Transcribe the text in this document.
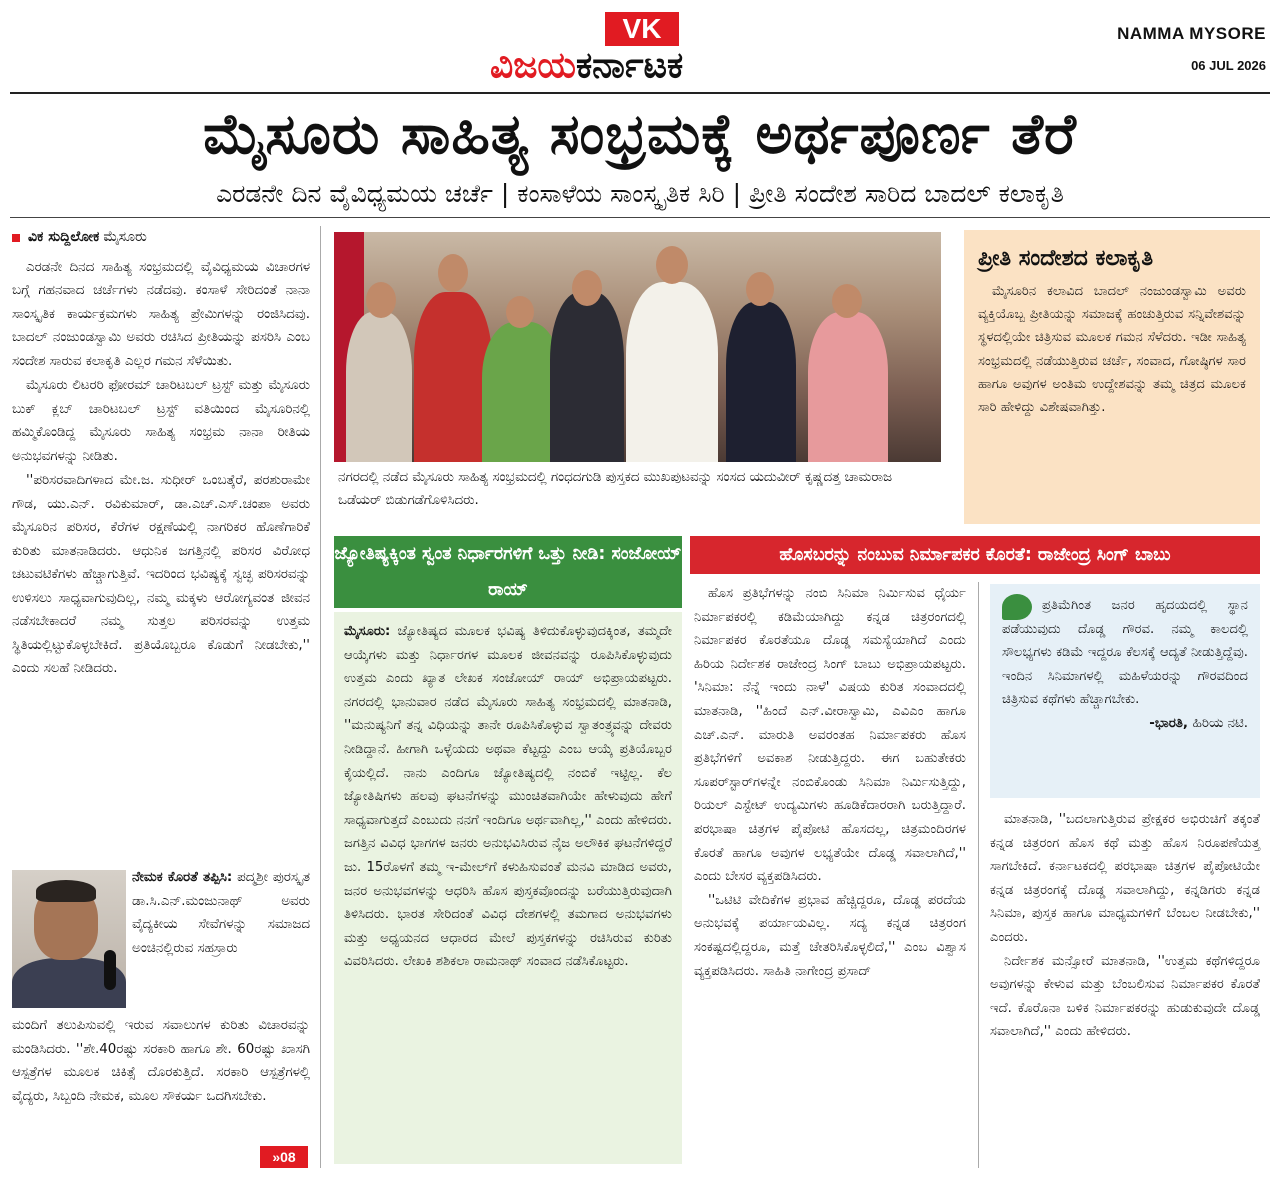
VK
ವಿಜಯಕರ್ನಾಟಕ
NAMMA MYSORE
06 JUL 2026
ಮೈಸೂರು ಸಾಹಿತ್ಯ ಸಂಭ್ರಮಕ್ಕೆ ಅರ್ಥಪೂರ್ಣ ತೆರೆ
ಎರಡನೇ ದಿನ ವೈವಿಧ್ಯಮಯ ಚರ್ಚೆ | ಕಂಸಾಳೆಯ ಸಾಂಸ್ಕೃತಿಕ ಸಿರಿ | ಪ್ರೀತಿ ಸಂದೇಶ ಸಾರಿದ ಬಾದಲ್ ಕಲಾಕೃತಿ
ವಿಕ ಸುದ್ದಿಲೋಕ ಮೈಸೂರು

ಎರಡನೇ ದಿನದ ಸಾಹಿತ್ಯ ಸಂಭ್ರಮದಲ್ಲಿ ವೈವಿಧ್ಯಮಯ ವಿಚಾರಗಳ ಬಗ್ಗೆ ಗಹನವಾದ ಚರ್ಚೆಗಳು ನಡೆದವು. ಕಂಸಾಳೆ ಸೇರಿದಂತೆ ನಾನಾ ಸಾಂಸ್ಕೃತಿಕ ಕಾರ್ಯಕ್ರಮಗಳು ಸಾಹಿತ್ಯ ಪ್ರೇಮಿಗಳನ್ನು ರಂಜಿಸಿದವು. ಬಾದಲ್ ನಂಜುಂಡಸ್ವಾಮಿ ಅವರು ರಚಿಸಿದ ಪ್ರೀತಿಯನ್ನು ಪಸರಿಸಿ ಎಂಬ ಸಂದೇಶ ಸಾರುವ ಕಲಾಕೃತಿ ಎಲ್ಲರ ಗಮನ ಸೆಳೆಯಿತು.

ಮೈಸೂರು ಲಿಟರರಿ ಫೋರಮ್ ಚಾರಿಟಬಲ್ ಟ್ರಸ್ಟ್ ಮತ್ತು ಮೈಸೂರು ಬುಕ್ ಕ್ಲಬ್ ಚಾರಿಟಬಲ್ ಟ್ರಸ್ಟ್ ವತಿಯಿಂದ ಮೈಸೂರಿನಲ್ಲಿ ಹಮ್ಮಿಕೊಂಡಿದ್ದ ಮೈಸೂರು ಸಾಹಿತ್ಯ ಸಂಭ್ರಮ ನಾನಾ ರೀತಿಯ ಅನುಭವಗಳನ್ನು ನೀಡಿತು.

''ಪರಿಸರವಾದಿಗಳಾದ ಮೇ.ಜ. ಸುಧೀರ್ ಒಂಬತ್ಕೆರೆ, ಪರಶುರಾಮೇ ಗೌಡ, ಯು.ಎನ್. ರವಿಕುಮಾರ್, ಡಾ.ಎಚ್.ಎಸ್.ಚಂಪಾ ಅವರು ಮೈಸೂರಿನ ಪರಿಸರ, ಕೆರೆಗಳ ರಕ್ಷಣೆಯಲ್ಲಿ ನಾಗರಿಕರ ಹೊಣೆಗಾರಿಕೆ ಕುರಿತು ಮಾತನಾಡಿದರು. ಆಧುನಿಕ ಜಗತ್ತಿನಲ್ಲಿ ಪರಿಸರ ವಿರೋಧ ಚಟುವಟಿಕೆಗಳು ಹೆಚ್ಚಾಗುತ್ತಿವೆ. ಇದರಿಂದ ಭವಿಷ್ಯಕ್ಕೆ ಸ್ವಚ್ಛ ಪರಿಸರವನ್ನು ಉಳಿಸಲು ಸಾಧ್ಯವಾಗುವುದಿಲ್ಲ, ನಮ್ಮ ಮಕ್ಕಳು ಆರೋಗ್ಯವಂತ ಜೀವನ ನಡೆಸಬೇಕಾದರೆ ನಮ್ಮ ಸುತ್ತಲ ಪರಿಸರವನ್ನು ಉತ್ತಮ ಸ್ಥಿತಿಯಲ್ಲಿಟ್ಟುಕೊಳ್ಳಬೇಕಿದೆ. ಪ್ರತಿಯೊಬ್ಬರೂ ಕೊಡುಗೆ ನೀಡಬೇಕು,'' ಎಂದು ಸಲಹೆ ನೀಡಿದರು.

ನೇಮಕ ಕೊರತೆ ತಪ್ಪಿಸಿ: ಪದ್ಮಶ್ರೀ ಪುರಸ್ಕೃತ ಡಾ.ಸಿ.ಎನ್.ಮಂಜುನಾಥ್ ಅವರು ವೈದ್ಯಕೀಯ ಸೇವೆಗಳನ್ನು ಸಮಾಜದ ಅಂಚಿನಲ್ಲಿರುವ ಸಹಸ್ರಾರು

ಮಂದಿಗೆ ತಲುಪಿಸುವಲ್ಲಿ ಇರುವ ಸವಾಲುಗಳ ಕುರಿತು ವಿಚಾರವನ್ನು ಮಂಡಿಸಿದರು. ''ಶೇ.40ರಷ್ಟು ಸರಕಾರಿ ಹಾಗೂ ಶೇ. 60ರಷ್ಟು ಖಾಸಗಿ ಆಸ್ಪತ್ರೆಗಳ ಮೂಲಕ ಚಿಕಿತ್ಸೆ ದೊರಕುತ್ತಿದೆ. ಸರಕಾರಿ ಆಸ್ಪತ್ರೆಗಳಲ್ಲಿ ವೈದ್ಯರು, ಸಿಬ್ಬಂದಿ ನೇಮಕ, ಮೂಲ ಸೌಕರ್ಯ ಒದಗಿಸಬೇಕು.

»08
ನಗರದಲ್ಲಿ ನಡೆದ ಮೈಸೂರು ಸಾಹಿತ್ಯ ಸಂಭ್ರಮದಲ್ಲಿ ಗಂಧದಗುಡಿ ಪುಸ್ತಕದ ಮುಖಪುಟವನ್ನು ಸಂಸದ ಯದುವೀರ್ ಕೃಷ್ಣದತ್ತ ಚಾಮರಾಜ ಒಡೆಯರ್ ಬಿಡುಗಡೆಗೊಳಿಸಿದರು.
ಪ್ರೀತಿ ಸಂದೇಶದ ಕಲಾಕೃತಿ

ಮೈಸೂರಿನ ಕಲಾವಿದ ಬಾದಲ್ ನಂಜುಂಡಸ್ವಾಮಿ ಅವರು ವ್ಯಕ್ತಿಯೊಬ್ಬ ಪ್ರೀತಿಯನ್ನು ಸಮಾಜಕ್ಕೆ ಹಂಚುತ್ತಿರುವ ಸನ್ನಿವೇಶವನ್ನು ಸ್ಥಳದಲ್ಲಿಯೇ ಚಿತ್ರಿಸುವ ಮೂಲಕ ಗಮನ ಸೆಳೆದರು. ಇಡೀ ಸಾಹಿತ್ಯ ಸಂಭ್ರಮದಲ್ಲಿ ನಡೆಯುತ್ತಿರುವ ಚರ್ಚೆ, ಸಂವಾದ, ಗೋಷ್ಠಿಗಳ ಸಾರ ಹಾಗೂ ಅವುಗಳ ಅಂತಿಮ ಉದ್ದೇಶವನ್ನು ತಮ್ಮ ಚಿತ್ರದ ಮೂಲಕ ಸಾರಿ ಹೇಳಿದ್ದು ವಿಶೇಷವಾಗಿತ್ತು.

ಜ್ಯೋತಿಷ್ಯಕ್ಕಿಂತ ಸ್ವಂತ ನಿರ್ಧಾರಗಳಿಗೆ ಒತ್ತು ನೀಡಿ: ಸಂಜೋಯ್ ರಾಯ್

ಮೈಸೂರು: ಜ್ಯೋತಿಷ್ಯದ ಮೂಲಕ ಭವಿಷ್ಯ ತಿಳಿದುಕೊಳ್ಳುವುದಕ್ಕಿಂತ, ತಮ್ಮದೇ ಆಯ್ಕೆಗಳು ಮತ್ತು ನಿರ್ಧಾರಗಳ ಮೂಲಕ ಜೀವನವನ್ನು ರೂಪಿಸಿಕೊಳ್ಳುವುದು ಉತ್ತಮ ಎಂದು ಖ್ಯಾತ ಲೇಖಕ ಸಂಜೋಯ್ ರಾಯ್ ಅಭಿಪ್ರಾಯಪಟ್ಟರು. ನಗರದಲ್ಲಿ ಭಾನುವಾರ ನಡೆದ ಮೈಸೂರು ಸಾಹಿತ್ಯ ಸಂಭ್ರಮದಲ್ಲಿ ಮಾತನಾಡಿ, ''ಮನುಷ್ಯನಿಗೆ ತನ್ನ ವಿಧಿಯನ್ನು ತಾನೇ ರೂಪಿಸಿಕೊಳ್ಳುವ ಸ್ವಾತಂತ್ರ್ಯವನ್ನು ದೇವರು ನೀಡಿದ್ದಾನೆ. ಹೀಗಾಗಿ ಒಳ್ಳೆಯದು ಅಥವಾ ಕೆಟ್ಟದ್ದು ಎಂಬ ಆಯ್ಕೆ ಪ್ರತಿಯೊಬ್ಬರ ಕೈಯಲ್ಲಿದೆ. ನಾನು ಎಂದಿಗೂ ಜ್ಯೋತಿಷ್ಯದಲ್ಲಿ ನಂಬಿಕೆ ಇಟ್ಟಿಲ್ಲ. ಕೆಲ ಜ್ಯೋತಿಷಿಗಳು ಹಲವು ಘಟನೆಗಳನ್ನು ಮುಂಚಿತವಾಗಿಯೇ ಹೇಳುವುದು ಹೇಗೆ ಸಾಧ್ಯವಾಗುತ್ತದೆ ಎಂಬುದು ನನಗೆ ಇಂದಿಗೂ ಅರ್ಥವಾಗಿಲ್ಲ,'' ಎಂದು ಹೇಳಿದರು. ಜಗತ್ತಿನ ವಿವಿಧ ಭಾಗಗಳ ಜನರು ಅನುಭವಿಸಿರುವ ನೈಜ ಅಲೌಕಿಕ ಘಟನೆಗಳಿದ್ದರೆ ಜು. 15ರೊಳಗೆ ತಮ್ಮ ಇ-ಮೇಲ್‌ಗೆ ಕಳುಹಿಸುವಂತೆ ಮನವಿ ಮಾಡಿದ ಅವರು, ಜನರ ಅನುಭವಗಳನ್ನು ಆಧರಿಸಿ ಹೊಸ ಪುಸ್ತಕವೊಂದನ್ನು ಬರೆಯುತ್ತಿರುವುದಾಗಿ ತಿಳಿಸಿದರು. ಭಾರತ ಸೇರಿದಂತೆ ವಿವಿಧ ದೇಶಗಳಲ್ಲಿ ತಮಗಾದ ಅನುಭವಗಳು ಮತ್ತು ಅಧ್ಯಯನದ ಆಧಾರದ ಮೇಲೆ ಪುಸ್ತಕಗಳನ್ನು ರಚಿಸಿರುವ ಕುರಿತು ವಿವರಿಸಿದರು. ಲೇಖಕಿ ಶಶಿಕಲಾ ರಾಮನಾಥ್ ಸಂವಾದ ನಡೆಸಿಕೊಟ್ಟರು.

ಹೊಸಬರನ್ನು ನಂಬುವ ನಿರ್ಮಾಪಕರ ಕೊರತೆ: ರಾಜೇಂದ್ರ ಸಿಂಗ್ ಬಾಬು

ಹೊಸ ಪ್ರತಿಭೆಗಳನ್ನು ನಂಬಿ ಸಿನಿಮಾ ನಿರ್ಮಿಸುವ ಧೈರ್ಯ ನಿರ್ಮಾಪಕರಲ್ಲಿ ಕಡಿಮೆಯಾಗಿದ್ದು ಕನ್ನಡ ಚಿತ್ರರಂಗದಲ್ಲಿ ನಿರ್ಮಾಪಕರ ಕೊರತೆಯೂ ದೊಡ್ಡ ಸಮಸ್ಯೆಯಾಗಿದೆ ಎಂದು ಹಿರಿಯ ನಿರ್ದೇಶಕ ರಾಜೇಂದ್ರ ಸಿಂಗ್ ಬಾಬು ಅಭಿಪ್ರಾಯಪಟ್ಟರು. 'ಸಿನಿಮಾ: ನೆನ್ನೆ ಇಂದು ನಾಳೆ' ವಿಷಯ ಕುರಿತ ಸಂವಾದದಲ್ಲಿ ಮಾತನಾಡಿ, ''ಹಿಂದೆ ಎನ್.ವೀರಾಸ್ವಾಮಿ, ಎವಿಎಂ ಹಾಗೂ ಎಚ್.ಎನ್. ಮಾರುತಿ ಅವರಂತಹ ನಿರ್ಮಾಪಕರು ಹೊಸ ಪ್ರತಿಭೆಗಳಿಗೆ ಅವಕಾಶ ನೀಡುತ್ತಿದ್ದರು. ಈಗ ಬಹುತೇಕರು ಸೂಪರ್‌ಸ್ಟಾರ್‌ಗಳನ್ನೇ ನಂಬಿಕೊಂಡು ಸಿನಿಮಾ ನಿರ್ಮಿಸುತ್ತಿದ್ದು, ರಿಯಲ್ ಎಸ್ಟೇಟ್ ಉದ್ಯಮಿಗಳು ಹೂಡಿಕೆದಾರರಾಗಿ ಬರುತ್ತಿದ್ದಾರೆ. ಪರಭಾಷಾ ಚಿತ್ರಗಳ ಪೈಪೋಟಿ ಹೊಸದಲ್ಲ, ಚಿತ್ರಮಂದಿರಗಳ ಕೊರತೆ ಹಾಗೂ ಅವುಗಳ ಲಭ್ಯತೆಯೇ ದೊಡ್ಡ ಸವಾಲಾಗಿದೆ,'' ಎಂದು ಬೇಸರ ವ್ಯಕ್ತಪಡಿಸಿದರು.

''ಒಟಿಟಿ ವೇದಿಕೆಗಳ ಪ್ರಭಾವ ಹೆಚ್ಚಿದ್ದರೂ, ದೊಡ್ಡ ಪರದೆಯ ಅನುಭವಕ್ಕೆ ಪರ್ಯಾಯವಿಲ್ಲ. ಸದ್ಯ ಕನ್ನಡ ಚಿತ್ರರಂಗ ಸಂಕಷ್ಟದಲ್ಲಿದ್ದರೂ, ಮತ್ತೆ ಚೇತರಿಸಿಕೊಳ್ಳಲಿದೆ,'' ಎಂಬ ವಿಶ್ವಾಸ ವ್ಯಕ್ತಪಡಿಸಿದರು. ಸಾಹಿತಿ ನಾಗೇಂದ್ರ ಪ್ರಸಾದ್

ಪ್ರತಿಮೆಗಿಂತ ಜನರ ಹೃದಯದಲ್ಲಿ ಸ್ಥಾನ ಪಡೆಯುವುದು ದೊಡ್ಡ ಗೌರವ. ನಮ್ಮ ಕಾಲದಲ್ಲಿ ಸೌಲಭ್ಯಗಳು ಕಡಿಮೆ ಇದ್ದರೂ ಕೆಲಸಕ್ಕೆ ಆದ್ಯತೆ ನೀಡುತ್ತಿದ್ದೆವು. ಇಂದಿನ ಸಿನಿಮಾಗಳಲ್ಲಿ ಮಹಿಳೆಯರನ್ನು ಗೌರವದಿಂದ ಚಿತ್ರಿಸುವ ಕಥೆಗಳು ಹೆಚ್ಚಾಗಬೇಕು.

-ಭಾರತಿ, ಹಿರಿಯ ನಟಿ.

ಮಾತನಾಡಿ, ''ಬದಲಾಗುತ್ತಿರುವ ಪ್ರೇಕ್ಷಕರ ಅಭಿರುಚಿಗೆ ತಕ್ಕಂತೆ ಕನ್ನಡ ಚಿತ್ರರಂಗ ಹೊಸ ಕಥೆ ಮತ್ತು ಹೊಸ ನಿರೂಪಣೆಯತ್ತ ಸಾಗಬೇಕಿದೆ. ಕರ್ನಾಟಕದಲ್ಲಿ ಪರಭಾಷಾ ಚಿತ್ರಗಳ ಪೈಪೋಟಿಯೇ ಕನ್ನಡ ಚಿತ್ರರಂಗಕ್ಕೆ ದೊಡ್ಡ ಸವಾಲಾಗಿದ್ದು, ಕನ್ನಡಿಗರು ಕನ್ನಡ ಸಿನಿಮಾ, ಪುಸ್ತಕ ಹಾಗೂ ಮಾಧ್ಯಮಗಳಿಗೆ ಬೆಂಬಲ ನೀಡಬೇಕು,'' ಎಂದರು.

ನಿರ್ದೇಶಕ ಮನ್ಸೋರೆ ಮಾತನಾಡಿ, ''ಉತ್ತಮ ಕಥೆಗಳಿದ್ದರೂ ಅವುಗಳನ್ನು ಕೇಳುವ ಮತ್ತು ಬೆಂಬಲಿಸುವ ನಿರ್ಮಾಪಕರ ಕೊರತೆ ಇದೆ. ಕೊರೊನಾ ಬಳಿಕ ನಿರ್ಮಾಪಕರನ್ನು ಹುಡುಕುವುದೇ ದೊಡ್ಡ ಸವಾಲಾಗಿದೆ,'' ಎಂದು ಹೇಳಿದರು.
